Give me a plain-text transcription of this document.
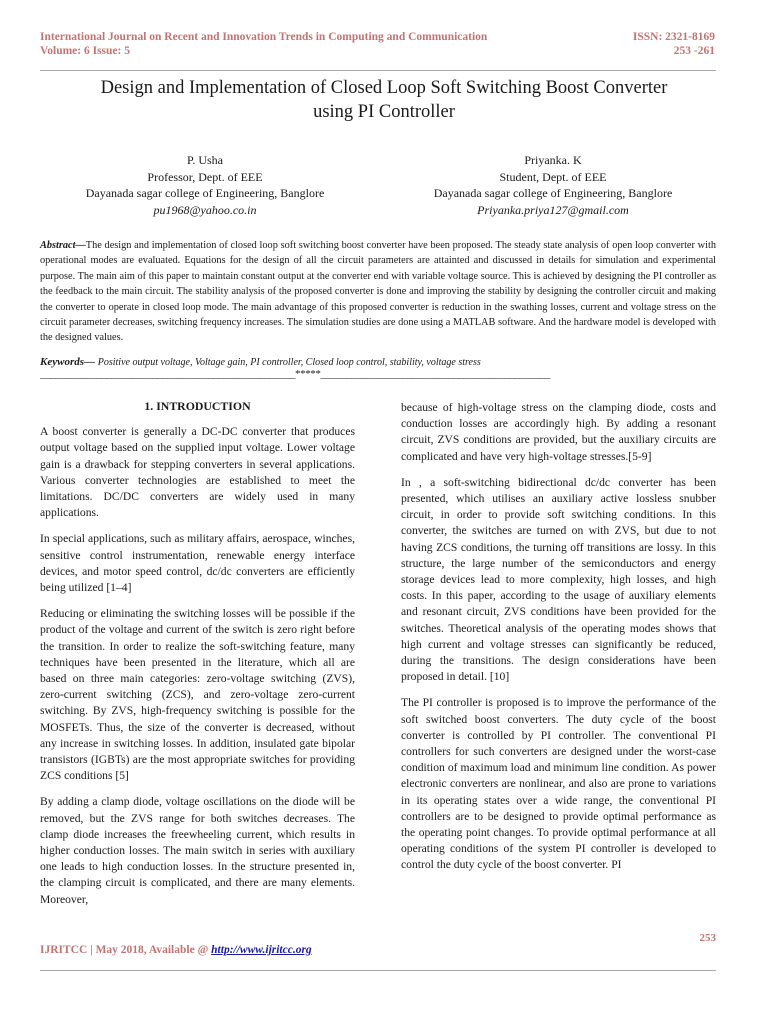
International Journal on Recent and Innovation Trends in Computing and Communication
Volume: 6 Issue: 5
ISSN: 2321-8169
253 -261
Design and Implementation of Closed Loop Soft Switching Boost Converter
using PI Controller
P. Usha
Professor, Dept. of EEE
Dayanada sagar college of Engineering, Banglore
pu1968@yahoo.co.in
Priyanka. K
Student, Dept. of EEE
Dayanada sagar college of Engineering, Banglore
Priyanka.priya127@gmail.com
Abstract—The design and implementation of closed loop soft switching boost converter have been proposed. The steady state analysis of open loop converter with operational modes are evaluated. Equations for the design of all the circuit parameters are attainted and discussed in details for simulation and experimental purpose. The main aim of this paper to maintain constant output at the converter end with variable voltage source. This is achieved by designing the PI controller as the feedback to the main circuit. The stability analysis of the proposed converter is done and improving the stability by designing the controller circuit and making the converter to operate in closed loop mode. The main advantage of this proposed converter is reduction in the swathing losses, current and voltage stress on the circuit parameter decreases, switching frequency increases. The simulation studies are done using a MATLAB software. And the hardware model is developed with the designed values.
Keywords— Positive output voltage, Voltage gain, PI controller, Closed loop control, stability, voltage stress
__________________________________________________*****_____________________________________________
1. INTRODUCTION

A boost converter is generally a DC-DC converter that produces output voltage based on the supplied input voltage. Lower voltage gain is a drawback for stepping converters in several applications. Various converter technologies are established to meet the limitations. DC/DC converters are widely used in many applications.

In special applications, such as military affairs, aerospace, winches, sensitive control instrumentation, renewable energy interface devices, and motor speed control, dc/dc converters are efficiently being utilized [1–4]

Reducing or eliminating the switching losses will be possible if the product of the voltage and current of the switch is zero right before the transition. In order to realize the soft-switching feature, many techniques have been presented in the literature, which all are based on three main categories: zero-voltage switching (ZVS), zero-current switching (ZCS), and zero-voltage zero-current switching. By ZVS, high-frequency switching is possible for the MOSFETs. Thus, the size of the converter is decreased, without any increase in switching losses. In addition, insulated gate bipolar transistors (IGBTs) are the most appropriate switches for providing ZCS conditions [5]

By adding a clamp diode, voltage oscillations on the diode will be removed, but the ZVS range for both switches decreases. The clamp diode increases the freewheeling current, which results in higher conduction losses. The main switch in series with auxiliary one leads to high conduction losses. In the structure presented in, the clamping circuit is complicated, and there are many elements. Moreover,

because of high-voltage stress on the clamping diode, costs and conduction losses are accordingly high. By adding a resonant circuit, ZVS conditions are provided, but the auxiliary circuits are complicated and have very high-voltage stresses.[5-9]

In , a soft-switching bidirectional dc/dc converter has been presented, which utilises an auxiliary active lossless snubber circuit, in order to provide soft switching conditions. In this converter, the switches are turned on with ZVS, but due to not having ZCS conditions, the turning off transitions are lossy. In this structure, the large number of the semiconductors and energy storage devices lead to more complexity, high losses, and high costs. In this paper, according to the usage of auxiliary elements and resonant circuit, ZVS conditions have been provided for the switches. Theoretical analysis of the operating modes shows that high current and voltage stresses can significantly be reduced, during the transitions. The design considerations have been proposed in detail. [10]

The PI controller is proposed is to improve the performance of the soft switched boost converters. The duty cycle of the boost converter is controlled by PI controller. The conventional PI controllers for such converters are designed under the worst-case condition of maximum load and minimum line condition. As power electronic converters are nonlinear, and also are prone to variations in its operating states over a wide range, the conventional PI controllers are to be designed to provide optimal performance as the operating point changes. To provide optimal performance at all operating conditions of the system PI controller is developed to control the duty cycle of the boost converter. PI

253
IJRITCC | May 2018, Available @ http://www.ijritcc.org
